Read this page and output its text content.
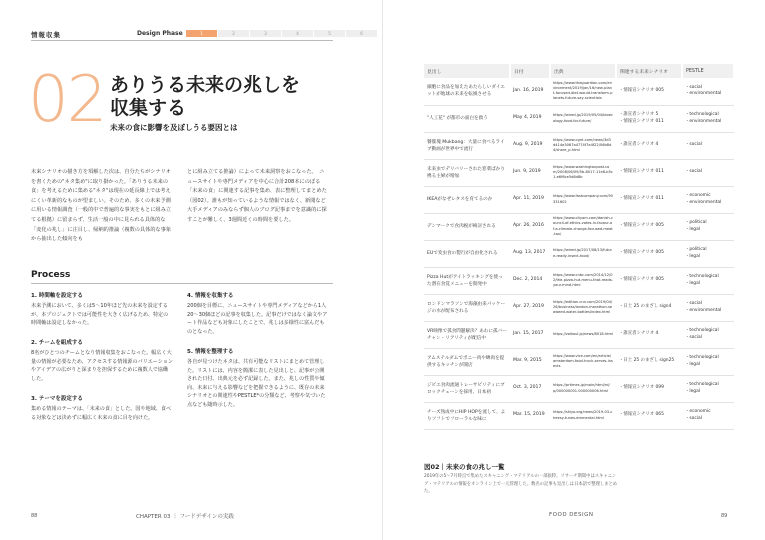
情報収集	Design Phase	1	2	3	4	5	6
02 ありうる未来の兆しを
収集する
未来の食に影響を及ぼしうる要因とは

未来シナリオの描き方を項解した次は、自分たちがシナリオを書くための"ネタ集め"に取り掛かった。「ありうる未来の食」を考えるために集める"ネタ"は現在の延長線上では考えにくい革新的なものが望ましい。そのため、多くの未来予測に用いる情報調査（一般的中で普遍的な事実をもとに組み立てる根拠）に留まらず、生活一般の中に見られる具体的な「変化の兆し」に注目し、帰納的推論（複数の具体的な事象から抽出した傾向をも

とに組み立てる推論）によって未来洞察をおこなった。　ニュースサイトや専門メディアを中心に合計208本にのぼる「未来の食」に関連する記事を集め、表に整理してまとめた（図02）。誰もが知っているような情報ではなく、新聞など大手メディアのみならず個人のブログ記事までを意識的に探すことが難しく、3週間近くの時間を要した。

Process
1. 時間軸を設定する
未来予測において、多くは5～10年ほど先の未来を設定するが、本プロジェクトでは可能性を大きく広げるため、特定の時間軸は設定しなかった。
2. チームを組成する
8名がひとつのチームとなり情報収集をおこなった。幅広く大量の情報が必要なため、アクセスする情報源のバリエーションやアイデアの広がりと深まりを担保するために複数人で協働した。
3. テーマを設定する
集める情報のテーマは、「未来の食」とした。国や地域、食べる対象などは決めずに幅広く未来の食に目を向けた。
4. 情報を収集する
200個を目標に、ニュースサイトや専門メディアなどから1人20～30個ほどの記事を収集した。記事だけではなく論文やアート作品なども対象にしたことで、兆しは多様性に富んだものとなった。
5. 情報を整理する
各自が見つけたネタは、共有可能なリストにまとめて管理した。リストには、内容を簡潔に表した見出しと、記事が公開された日付、出典元を必ず記録した。また、兆しの性質や傾向、未来に与える影響などを把握できるように、既存の未来シナリオとの関連性やPESTLE*の分類など、考察や気づいた点なども随時示した。
88	CHAPTER 03 ｜ フードデザインの実践
見出し	日付	出典	関連する未来シナリオ	PESTLE
細胞に食品を加えたあたらしいダイエットが地球の未来を転換させる	Jan. 16, 2019	https://www.theguardian.com/environment/2019/jan/16/new-plant-focused-diet-would-transform-planets-future-say-scientists	・情報宣シナリオ 005	・social
・environmental

"人工花" が都市の面白を救う	May 4, 2019	https://wired.jp/2019/05/04/bioecology-food-for-future/	・誰宣者シナリオ 5
・情報宣シナリオ 011	・technological
・environmental

饕餮塊 Mukbang：大量に食べるライブ動画が世界中で流行	Aug. 9, 2019	https://www.cgnt.com/news/3d3d414e3067a4774f7a4f22/06b8d4/share_p.html	・誰宣者シナリオ 4	・social

未来虫でデリバリーされた窓菜ばかり携る主婦が増加	Jun. 9, 2019	https://www.washingtonpost.com/2008/06/09/5b-8017-11e8-b5c1-e6f6ce5d8d8b	・情報宣シナリオ 011	・social

IKEAがなぜレタスを育てるのか	Apr. 11, 2019	https://www.fastcompany.com/90331602	・情報宣シナリオ 011	・economic
・environmental

デンマークで食肉税が検討される	Apr. 26, 2016	https://www.cityam.com/danish-council-of-ethics-votes-in-favour-of-a-climate-change-focused-meat-tax/	・情報宣シナリオ 005	・political
・legal

EUで変虫食の製行が自由化される	Aug. 13, 2017	https://wired.jp/2017/08/13/future-ready-insect-food/	・情報宣シナリオ 005	・political
・legal

Pizza Hutがアイトラッキングを使った潜在食覚メニューを開発中	Dec. 2, 2014	https://www.cnbc.com/2014/12/02/the-pizza-hut-menu-that-reads-your-mind.html	・情報宣シナリオ 005	・technological
・legal

ロンドンマラソンで海藻由来パッケージの水が配布される	Apr. 27, 2019	https://edition.cnn.com/2019/04/26/business/london-marathon-seaweed-water-bottles/index.html	・日土 25 のまざし sign4	・social
・environmental

VR映像で孤食問題解決？あわに孤バーチャン・リアリティが配信中	Jan. 15, 2017	https://zaikoul.jp/news/8018.html	・誰宣者シナリオ 4	・technological
・social

アムステルダムでポニー肉や蝉肉を提供するキッチンが開店	Mar. 9, 2015	https://www.vice.com/en/article/amsterdam-food-truck-serves-insects	・日土 25 のまざし sign25	・technological
・legal

ジビエ食肉流通トレーサビリティにブロックチェーンを採用、日本初	Oct. 3, 2017	https://prtimes.jp/main/html/rd/p/000000001.000000006.html	・情報宣シナリオ 099	・technological
・legal

チーズ熟成中にHIP HOPを流して、よりソフトでフローラルな味に	Mar. 15, 2019	https://shiyo.org/news/2019-03-cheesy-tunes-emmental.html	・情報宣シナリオ 065	・economic
・social
図02｜未来の食の兆し一覧
2019年の5～7月時点で集めたスキャニング・マテリアルの一部抜粋。リサーチ期間中はスキャニング・マテリアルの情報をオンライン上で一元管理した。数名の記事も見出しは日本語で整理しまとめた。
FOOD DESIGN	89
